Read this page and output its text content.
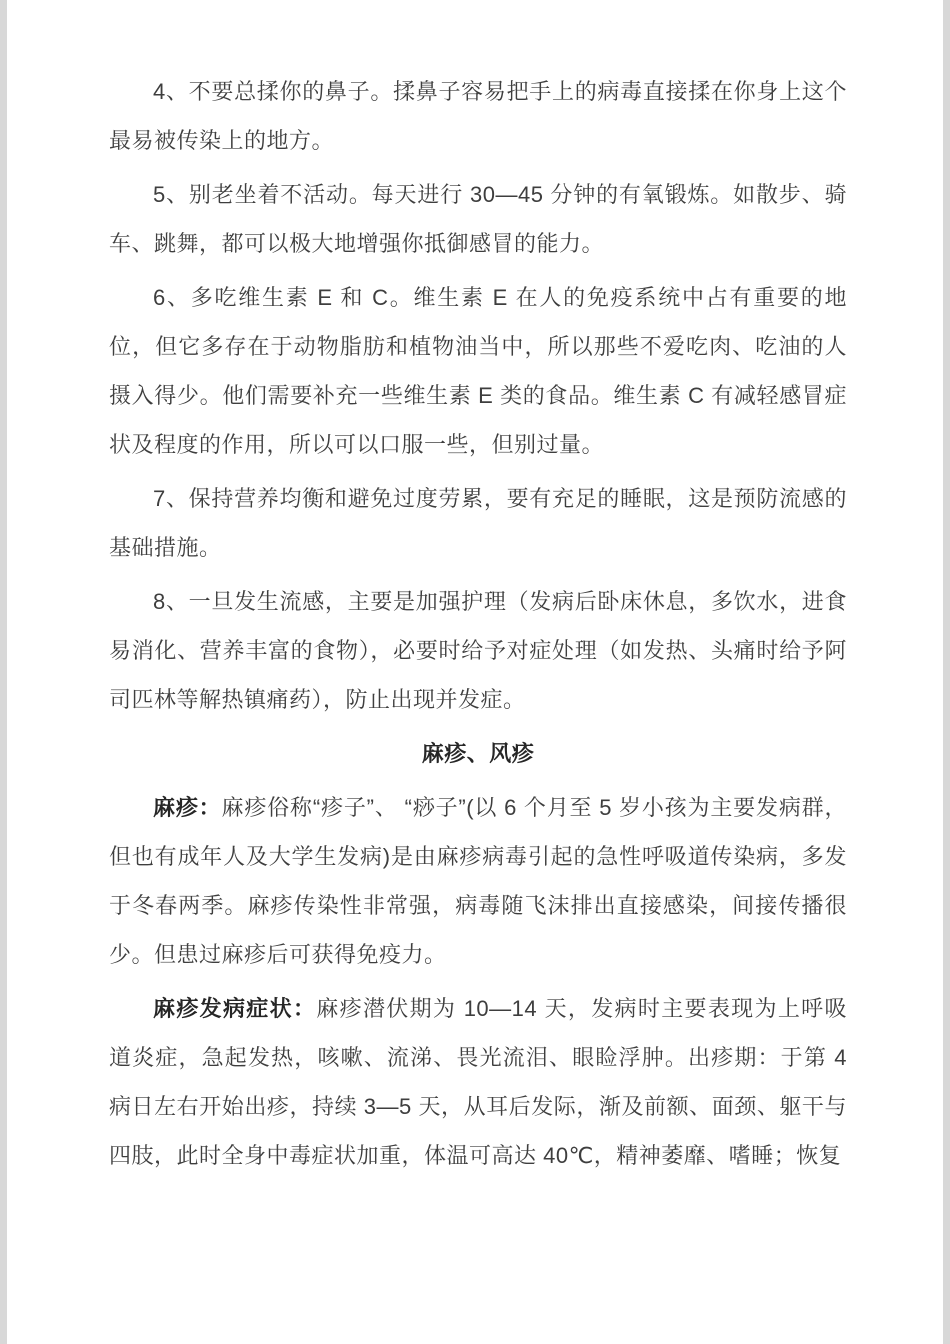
4、不要总揉你的鼻子。揉鼻子容易把手上的病毒直接揉在你身上这个最易被传染上的地方。

5、别老坐着不活动。每天进行 30—45 分钟的有氧锻炼。如散步、骑车、跳舞，都可以极大地增强你抵御感冒的能力。

6、多吃维生素 E 和 C。维生素 E 在人的免疫系统中占有重要的地位，但它多存在于动物脂肪和植物油当中，所以那些不爱吃肉、吃油的人摄入得少。他们需要补充一些维生素 E 类的食品。维生素 C 有减轻感冒症状及程度的作用，所以可以口服一些，但别过量。

7、保持营养均衡和避免过度劳累，要有充足的睡眠，这是预防流感的基础措施。

8、一旦发生流感，主要是加强护理（发病后卧床休息，多饮水，进食易消化、营养丰富的食物），必要时给予对症处理（如发热、头痛时给予阿司匹林等解热镇痛药），防止出现并发症。

麻疹、风疹

麻疹：麻疹俗称“疹子”、 “痧子”(以 6 个月至 5 岁小孩为主要发病群，但也有成年人及大学生发病)是由麻疹病毒引起的急性呼吸道传染病，多发于冬春两季。麻疹传染性非常强，病毒随飞沫排出直接感染，间接传播很少。但患过麻疹后可获得免疫力。

麻疹发病症状：麻疹潜伏期为 10—14 天，发病时主要表现为上呼吸道炎症，急起发热，咳嗽、流涕、畏光流泪、眼睑浮肿。出疹期：于第 4 病日左右开始出疹，持续 3—5 天，从耳后发际，渐及前额、面颈、躯干与四肢，此时全身中毒症状加重，体温可高达 40℃，精神萎靡、嗜睡；恢复
